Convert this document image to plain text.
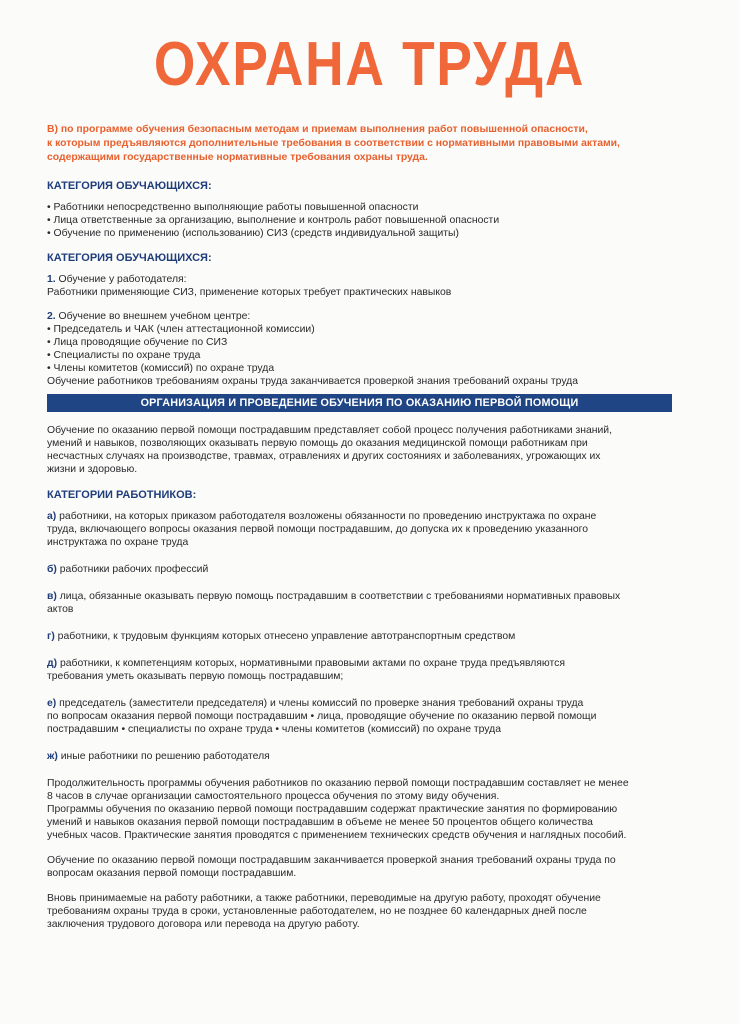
ОХРАНА ТРУДА
В) по программе обучения безопасным методам и приемам выполнения работ повышенной опасности,
к которым предъявляются дополнительные требования в соответствии с нормативными правовыми актами,
содержащими государственные нормативные требования охраны труда.
КАТЕГОРИЯ ОБУЧАЮЩИХСЯ:
• Работники непосредственно выполняющие работы повышенной опасности
• Лица ответственные за организацию, выполнение и контроль работ повышенной опасности
• Обучение по применению (использованию) СИЗ (средств индивидуальной защиты)
КАТЕГОРИЯ ОБУЧАЮЩИХСЯ:
1. Обучение у работодателя:
Работники применяющие СИЗ, применение которых требует практических навыков
2. Обучение во внешнем учебном центре:
• Председатель и ЧАК (член аттестационной комиссии)
• Лица проводящие обучение по СИЗ
• Специалисты по охране труда
• Члены комитетов (комиссий) по охране труда
Обучение работников требованиям охраны труда заканчивается проверкой знания требований охраны труда
ОРГАНИЗАЦИЯ И ПРОВЕДЕНИЕ ОБУЧЕНИЯ ПО ОКАЗАНИЮ ПЕРВОЙ ПОМОЩИ
Обучение по оказанию первой помощи пострадавшим представляет собой процесс получения работниками знаний,
умений и навыков, позволяющих оказывать первую помощь до оказания медицинской помощи работникам при
несчастных случаях на производстве, травмах, отравлениях и других состояниях и заболеваниях, угрожающих их
жизни и здоровью.
КАТЕГОРИИ РАБОТНИКОВ:
а) работники, на которых приказом работодателя возложены обязанности по проведению инструктажа по охране
труда, включающего вопросы оказания первой помощи пострадавшим, до допуска их к проведению указанного
инструктажа по охране труда
б) работники рабочих профессий
в) лица, обязанные оказывать первую помощь пострадавшим в соответствии с требованиями нормативных правовых
актов
г) работники, к трудовым функциям которых отнесено управление автотранспортным средством
д) работники, к компетенциям которых, нормативными правовыми актами по охране труда предъявляются
требования уметь оказывать первую помощь пострадавшим;
е) председатель (заместители председателя) и члены комиссий по проверке знания требований охраны труда
по вопросам оказания первой помощи пострадавшим • лица, проводящие обучение по оказанию первой помощи
пострадавшим • специалисты по охране труда • члены комитетов (комиссий) по охране труда
ж) иные работники по решению работодателя
Продолжительность программы обучения работников по оказанию первой помощи пострадавшим составляет не менее
8 часов в случае организации самостоятельного процесса обучения по этому виду обучения.
Программы обучения по оказанию первой помощи пострадавшим содержат практические занятия по формированию
умений и навыков оказания первой помощи пострадавшим в объеме не менее 50 процентов общего количества
учебных часов. Практические занятия проводятся с применением технических средств обучения и наглядных пособий.
Обучение по оказанию первой помощи пострадавшим заканчивается проверкой знания требований охраны труда по
вопросам оказания первой помощи пострадавшим.
Вновь принимаемые на работу работники, а также работники, переводимые на другую работу, проходят обучение
требованиям охраны труда в сроки, установленные работодателем, но не позднее 60 календарных дней после
заключения трудового договора или перевода на другую работу.
